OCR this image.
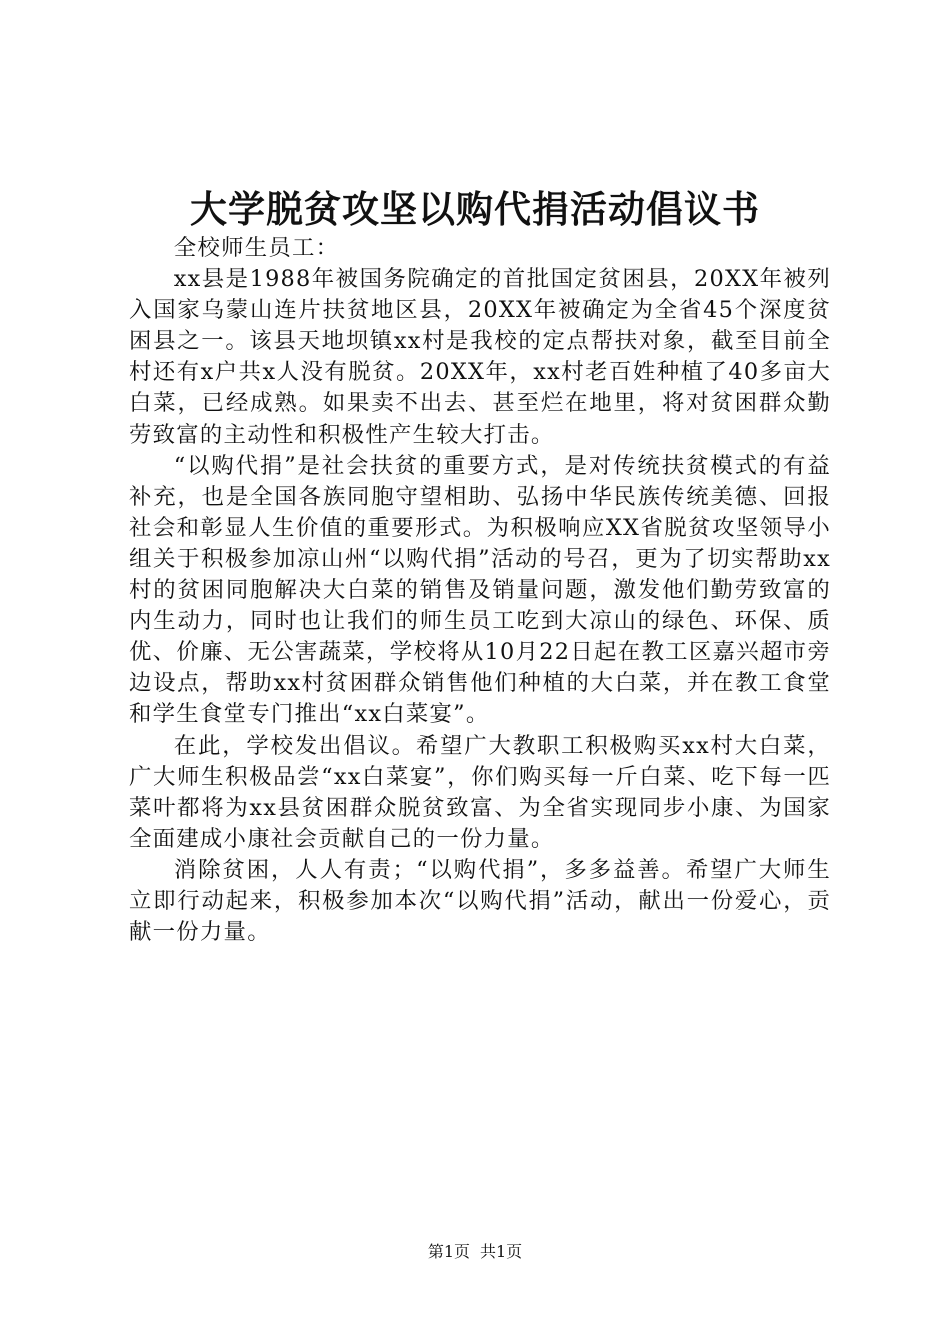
大学脱贫攻坚以购代捐活动倡议书

全校师生员工：

xx县是1988年被国务院确定的首批国定贫困县，20XX年被列入国家乌蒙山连片扶贫地区县，20XX年被确定为全省45个深度贫困县之一。该县天地坝镇xx村是我校的定点帮扶对象，截至目前全村还有x户共x人没有脱贫。20XX年，xx村老百姓种植了40多亩大白菜，已经成熟。如果卖不出去、甚至烂在地里，将对贫困群众勤劳致富的主动性和积极性产生较大打击。

“以购代捐”是社会扶贫的重要方式，是对传统扶贫模式的有益补充，也是全国各族同胞守望相助、弘扬中华民族传统美德、回报社会和彰显人生价值的重要形式。为积极响应XX省脱贫攻坚领导小组关于积极参加凉山州“以购代捐”活动的号召，更为了切实帮助xx村的贫困同胞解决大白菜的销售及销量问题，激发他们勤劳致富的内生动力，同时也让我们的师生员工吃到大凉山的绿色、环保、质优、价廉、无公害蔬菜，学校将从10月22日起在教工区嘉兴超市旁边设点，帮助xx村贫困群众销售他们种植的大白菜，并在教工食堂和学生食堂专门推出“xx白菜宴”。

在此，学校发出倡议。希望广大教职工积极购买xx村大白菜，广大师生积极品尝“xx白菜宴”，你们购买每一斤白菜、吃下每一匹菜叶都将为xx县贫困群众脱贫致富、为全省实现同步小康、为国家全面建成小康社会贡献自己的一份力量。

消除贫困，人人有责；“以购代捐”，多多益善。希望广大师生立即行动起来，积极参加本次“以购代捐”活动，献出一份爱心，贡献一份力量。

第1页 共1页
